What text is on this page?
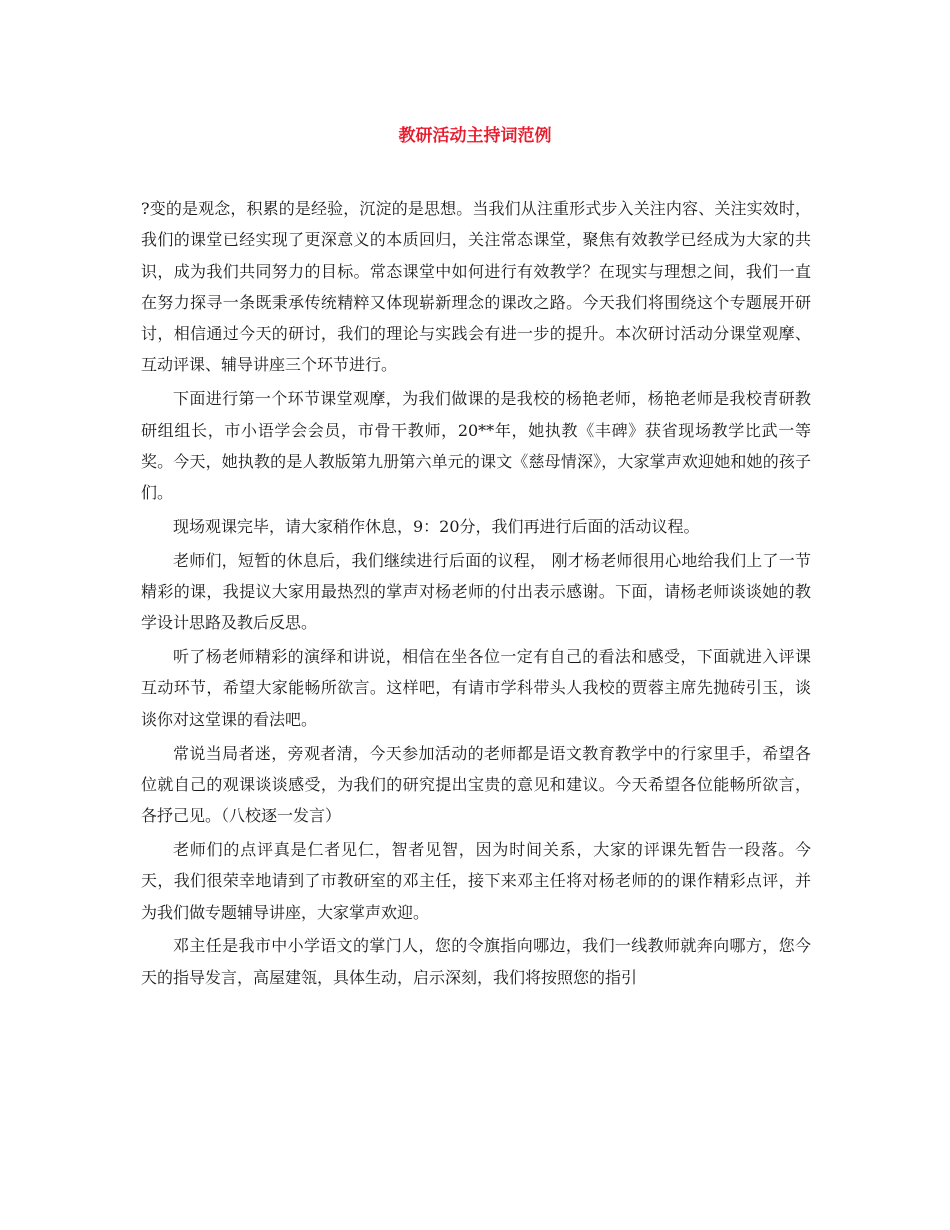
教研活动主持词范例

?变的是观念，积累的是经验，沉淀的是思想。当我们从注重形式步入关注内容、关注实效时，我们的课堂已经实现了更深意义的本质回归，关注常态课堂，聚焦有效教学已经成为大家的共识，成为我们共同努力的目标。常态课堂中如何进行有效教学？在现实与理想之间，我们一直在努力探寻一条既秉承传统精粹又体现崭新理念的课改之路。今天我们将围绕这个专题展开研讨，相信通过今天的研讨，我们的理论与实践会有进一步的提升。本次研讨活动分课堂观摩、互动评课、辅导讲座三个环节进行。

下面进行第一个环节课堂观摩，为我们做课的是我校的杨艳老师，杨艳老师是我校青研教研组组长，市小语学会会员，市骨干教师，20**年，她执教《丰碑》获省现场教学比武一等奖。今天，她执教的是人教版第九册第六单元的课文《慈母情深》，大家掌声欢迎她和她的孩子们。

现场观课完毕，请大家稍作休息，9：20分，我们再进行后面的活动议程。

老师们，短暂的休息后，我们继续进行后面的议程， 刚才杨老师很用心地给我们上了一节精彩的课，我提议大家用最热烈的掌声对杨老师的付出表示感谢。下面，请杨老师谈谈她的教学设计思路及教后反思。

听了杨老师精彩的演绎和讲说，相信在坐各位一定有自己的看法和感受，下面就进入评课互动环节，希望大家能畅所欲言。这样吧，有请市学科带头人我校的贾蓉主席先抛砖引玉，谈谈你对这堂课的看法吧。

常说当局者迷，旁观者清，今天参加活动的老师都是语文教育教学中的行家里手，希望各位就自己的观课谈谈感受，为我们的研究提出宝贵的意见和建议。今天希望各位能畅所欲言，各抒己见。（八校逐一发言）

老师们的点评真是仁者见仁，智者见智，因为时间关系，大家的评课先暂告一段落。今天，我们很荣幸地请到了市教研室的邓主任，接下来邓主任将对杨老师的的课作精彩点评，并为我们做专题辅导讲座，大家掌声欢迎。

邓主任是我市中小学语文的掌门人，您的令旗指向哪边，我们一线教师就奔向哪方，您今天的指导发言，高屋建瓴，具体生动，启示深刻，我们将按照您的指引
